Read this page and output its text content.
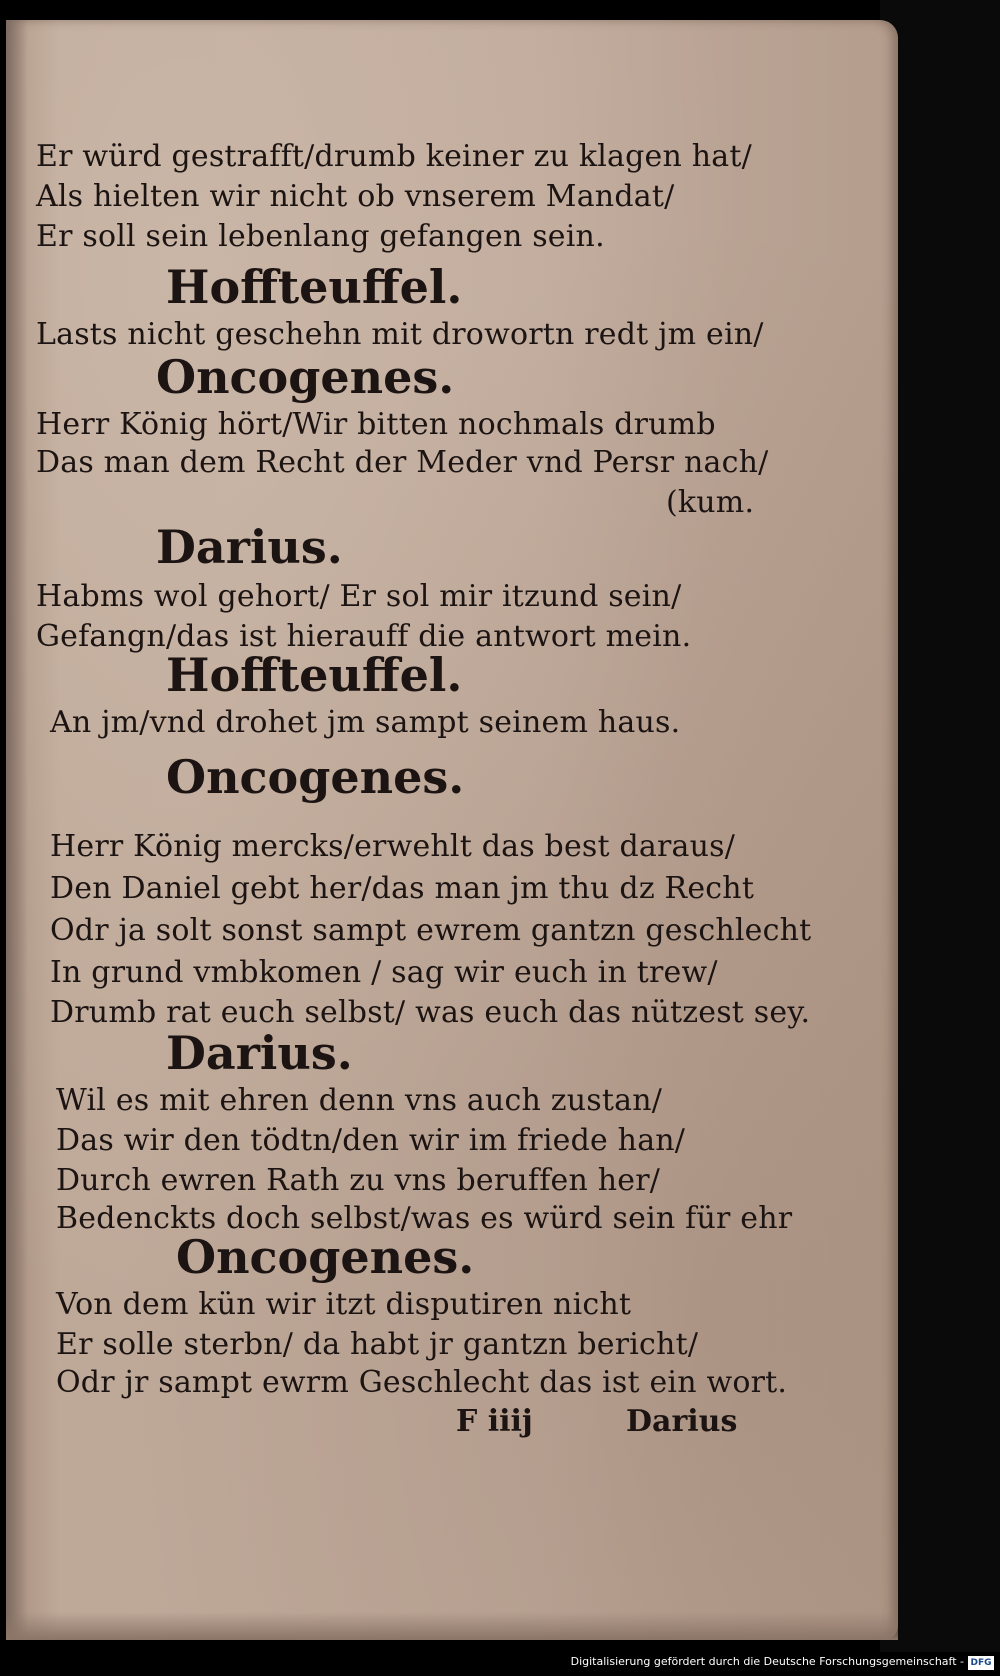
Er würd gestrafft/drumb keiner zu klagen hat/
Als hielten wir nicht ob vnserem Mandat/
Er soll sein lebenlang gefangen sein.
Hoffteuffel.
Lasts nicht geschehn mit drowortn redt jm ein/
Oncogenes.
Herr König hört/Wir bitten nochmals drumb
Das man dem Recht der Meder vnd Persr nach/
(kum.
Darius.
Habms wol gehort/ Er sol mir itzund sein/
Gefangn/das ist hierauff die antwort mein.
Hoffteuffel.
An jm/vnd drohet jm sampt seinem haus.
Oncogenes.
Herr König mercks/erwehlt das best daraus/
Den Daniel gebt her/das man jm thu dz Recht
Odr ja solt sonst sampt ewrem gantzn geschlecht
In grund vmbkomen / sag wir euch in trew/
Drumb rat euch selbst/ was euch das nützest sey.
Darius.
Wil es mit ehren denn vns auch zustan/
Das wir den tödtn/den wir im friede han/
Durch ewren Rath zu vns beruffen her/
Bedenckts doch selbst/was es würd sein für ehr
Oncogenes.
Von dem kün wir itzt disputiren nicht
Er solle sterbn/ da habt jr gantzn bericht/
Odr jr sampt ewrm Geschlecht das ist ein wort.
F iiij	Darius
Digitalisierung gefördert durch die Deutsche Forschungsgemeinschaft - DFG
